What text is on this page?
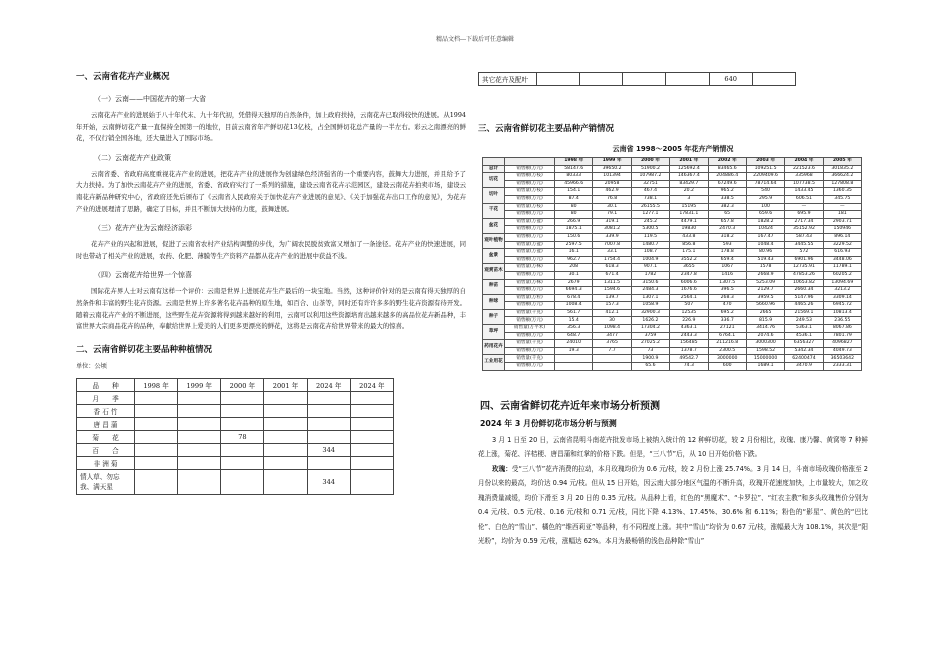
精品文档---下载后可任意编辑
一、云南省花卉产业概况
（一）云南——中国花卉的第一大省

云南花卉产业的进展始于八十年代末、九十年代初，凭借得天独厚的自然条件，加上政府扶持，云南花卉已取得较快的进展。从1994年开始，云南鲜切花产量一直保持全国第一的地位，目前云南省年产鲜切花13亿枝，占全国鲜切花总产量的一半左右。彩云之南漂亮的鲜花，不仅行销全国各地，还大量进入了国际市场。

（二）云南花卉产业政策

云南省委、省政府高度重视花卉产业的进展，把花卉产业的进展作为创建绿色经济强省的一个重要内容，鼓舞大力进展，并且给予了大力扶持。为了加快云南花卉产业的进展，省委、省政府实行了一系列的措施，建设云南省花卉示范园区，建设云南花卉拍卖市场，建设云南花卉新品种研究中心，省政府还先后颁布了《云南省人民政府关于加快花卉产业进展的意见》、《关于加强花卉出口工作的意见》，为花卉产业的进展理清了思路，确定了目标，并且不断加大扶持的力度，鼓舞进展。

（三）花卉产业为云南经济添彩

花卉产业的兴起和进展，促进了云南省农村产业结构调整的步伐，为广阔农民脱贫致富又增加了一条途径。花卉产业的快速进展，同时也带动了相关产业的进展，农药、化肥、薄膜等生产资料产品都从花卉产业的进展中获益不浅。

（四）云南花卉给世界一个惊喜

国际花卉界人士对云南有这样一个评价：云南是世界上进展花卉生产最后的一块宝地。当然，这种评价针对的是云南有得天独厚的自然条件和丰富的野生花卉资源。云南是世界上许多著名花卉品种的原生地，如百合、山茶等，同时还有许许多多的野生花卉资源有待开发。随着云南花卉产业的不断进展，这些野生花卉资源将得到越来越好的利用，云南可以利用这些资源培育出越来越多的高品位花卉新品种，丰富世界大宗商品花卉的品种，奉献给世界上爱美的人们更多更漂亮的鲜花，这将是云南花卉给世界带来的最大的惊喜。

二、云南省鲜切花主要品种种植情况
单位：公顷
品　　种	1998 年	1999 年	2000 年	2001 年	2024 年	2024 年
月　　季						
香 石 竹						
唐 昌 蒲						
菊　　花			78			
百　　合					344	
非 洲 菊						
情人草、勿忘我、满天星					344	
其它花卉及配叶					640	
三、云南省鲜切花主要品种产销情况
云南省 1998～2005 年花卉产销情况
		1998 年	1999 年	2000 年	2001 年	2002 年	2003 年	2004 年	2005 年
总计	销售额(万元)	58147.6	39650.2	51900.2	125692.4	83465.6	109251.5	221523.6	301835.2
切花	销售额(万枝)	80333	101394	107987.2	146367.4	204886.4	2209409.6	335968	366624.2
	销售额(万元)	45966.6	20958	32751	83429.7	67249.6	78714.64	107738.5	127808.8
切叶	销售量(万枝)	154.1	462.9	467.4	20.2	965.2	540	1433.45	1360.35
	销售额(万元)	87.4	76.8	738.1	3	338.5	295.9	606.51	345.75
干花	销售量(万枝)	80	30.1	26155.5	15195	382.3	100	—	—
	销售额(万元)	80	79.1	1277.1	17831.1	65	659.6	695.9	181
盆花	销售量(万盆)	266.9	319.1	245.2	4479.1	657.8	1828.2	2717.34	2903.71
	销售额(万元)	1875.1	3081.2	5300.5	19830	2470.3	10424	35152.92	150946
观叶植物	销售额(万元)	150.6	339.9	119.5	433.8	318.2	167.47	587.43	896.14
	销售量(万盆)	2597.5	7007.8	1480.7	856.8	593	1048.4	3445.55	3229.52
盆景	销售量(万盆)	16.1	33.1	108.7	175.1	178.8	80.96	572	616.93
	销售额(万元)	962.7	1754.4	1004.9	3552.2	659.4	519.43	6901.96	3448.06
观赏苗木	销售量(万株)	208	618.3	907.1	3655	1067	1578	12735.91	11789.1
	销售额(万元)	30.1	671.4	1782	2347.8	1416	2668.9	47853.26	60205.2
种苗	销售量(万株)	2679	1311.5	3150.6	6006.6	1307.5	5253.09	10653.82	13094.69
	销售额(万元)	6694.3	1594.6	2484.3	1676.6	396.5	2129.7	2660.34	3213.2
种球	销售量(万粒)	678.4	139.7	1307.1	2564.1	268.3	3959.5	5147.96	3309.14
	销售额(万元)	1008.4	157.3	1058.9	507	470	5660.96	4465.26	6945.72
种子	销售量(千克)	561.7	412.1	32900.3	12535	695.2	2665	21569.1	10813.4
	销售额(万元)	15.4	30	1626.2	226.9	336.7	815.9	249.53	236.55
草坪	销售量(万平米)	356.3	1098.4	17304.2	4363.1	27121	3414.76	5363.1	8067.86
	销售额(万元)	648.7	3477	3759	2443.3	6764.1	2074.6	4536.1	7801.79
药用花卉	销售量(千克)	24010	3765	27025.2	156485	211216.8	3000300	6356327	4096827
	销售额(万元)	19.3	7.7	73	1378.7	2300.5	1598.52	5342.34	4049.73
工业用花	销售量(千克)			1900.9	49542.7	3000000	15000000	62400474	36503642
	销售额(万元)			65.6	74.3	600	1689.1	3470.9	2333.31
四、云南省鲜切花卉近年来市场分析预测
2024 年 3 月份鲜切花市场分析与预测

3 月 1 日至 20 日，云南省昆明斗南花卉批发市场上被纳入统计的 12 种鲜切花，较 2 月份相比，玫瑰、康乃馨、黄窝等 7 种鲜花上涨，菊花、洋桔梗、唐昌蒲和红掌的价格下跌。但是，“三八节”后，从 10 日开始价格下跌。

玫瑰：受“三八节”花卉消费的拉动，本月玫瑰均价为 0.6 元/枝，较 2 月份上涨 25.74%。3 月 14 日，斗南市场玫瑰价格涨至 2 月份以来的最高，均价达 0.94 元/枝。但从 15 日开始，因云南大部分地区气温的不断升高，玫瑰开花速度加快，上市量较大，加之玫瑰消费量减缓，均价下滑至 3 月 20 日的 0.35 元/枝。从品种上看，红色的“黑魔术”、“卡罗拉”、“红衣主教”和多头玫瑰售价分别为 0.4 元/枝、0.5 元/枝、0.16 元/枝和 0.71 元/枝，同比下降 4.13%、17.45%、30.6% 和 6.11%；粉色的“影星”、黄色的“巴比伦”、白色的“雪山”、橘色的“维西莉亚”等品种，有不同程度上涨。其中“雪山”均价为 0.67 元/枝，涨幅最大为 108.1%，其次是“阳光粉”，均价为 0.59 元/枝，涨幅达 62%。本月为最畅销的浅色品种除“雪山”
